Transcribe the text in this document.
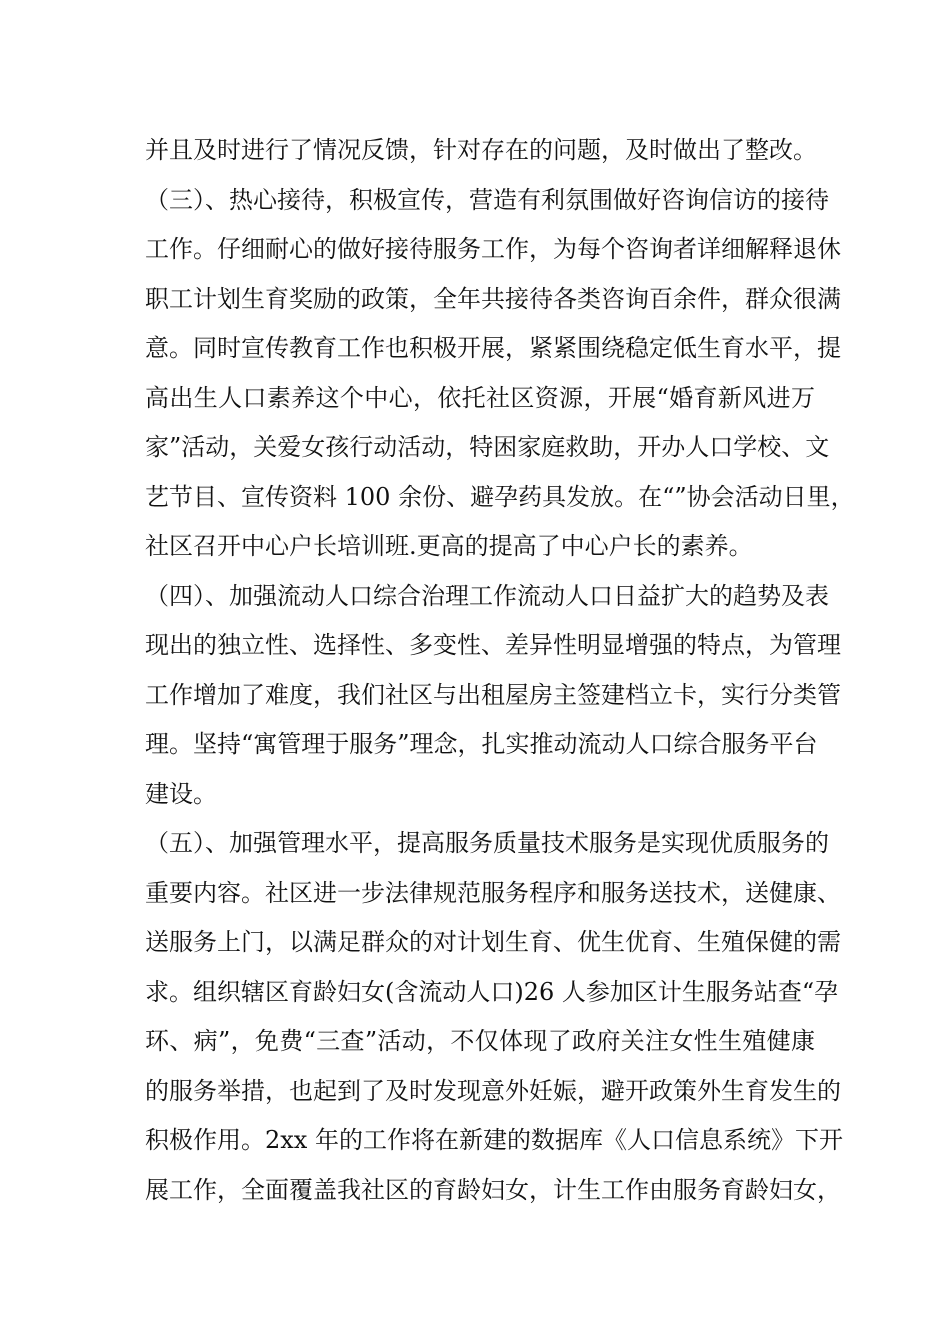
并且及时进行了情况反馈，针对存在的问题，及时做出了整改。
（三）、热心接待，积极宣传，营造有利氛围做好咨询信访的接待
工作。仔细耐心的做好接待服务工作，为每个咨询者详细解释退休
职工计划生育奖励的政策，全年共接待各类咨询百余件，群众很满
意。同时宣传教育工作也积极开展，紧紧围绕稳定低生育水平，提
高出生人口素养这个中心，依托社区资源，开展“婚育新风进万
家”活动，关爱女孩行动活动，特困家庭救助，开办人口学校、文
艺节目、宣传资料 100 余份、避孕药具发放。在“”协会活动日里，
社区召开中心户长培训班.更高的提高了中心户长的素养。
（四）、加强流动人口综合治理工作流动人口日益扩大的趋势及表
现出的独立性、选择性、多变性、差异性明显增强的特点，为管理
工作增加了难度，我们社区与出租屋房主签建档立卡，实行分类管
理。坚持“寓管理于服务”理念，扎实推动流动人口综合服务平台
建设。
（五）、加强管理水平，提高服务质量技术服务是实现优质服务的
重要内容。社区进一步法律规范服务程序和服务送技术，送健康、
送服务上门，以满足群众的对计划生育、优生优育、生殖保健的需
求。组织辖区育龄妇女(含流动人口)26 人参加区计生服务站查“孕
环、病”，免费“三查”活动，不仅体现了政府关注女性生殖健康
的服务举措，也起到了及时发现意外妊娠，避开政策外生育发生的
积极作用。2xx 年的工作将在新建的数据库《人口信息系统》下开
展工作，全面覆盖我社区的育龄妇女，计生工作由服务育龄妇女，
